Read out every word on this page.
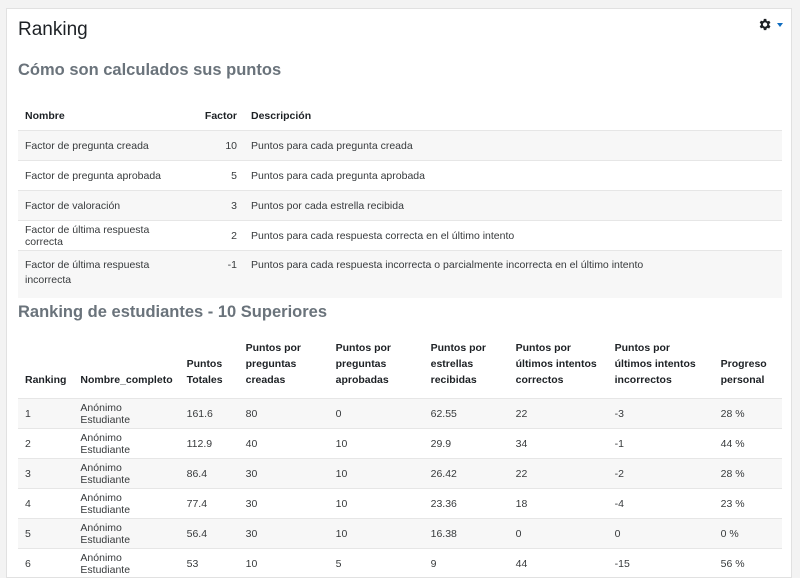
Ranking
Cómo son calculados sus puntos
Nombre	Factor	Descripción
Factor de pregunta creada	10	Puntos para cada pregunta creada
Factor de pregunta aprobada	5	Puntos para cada pregunta aprobada
Factor de valoración	3	Puntos por cada estrella recibida
Factor de última respuesta correcta	2	Puntos para cada respuesta correcta en el último intento
Factor de última respuesta incorrecta	-1	Puntos para cada respuesta incorrecta o parcialmente incorrecta en el último intento
Ranking de estudiantes - 10 Superiores
Ranking	Nombre_completo	Puntos Totales	Puntos por preguntas creadas	Puntos por preguntas aprobadas	Puntos por estrellas recibidas	Puntos por últimos intentos correctos	Puntos por últimos intentos incorrectos	Progreso personal
1	Anónimo Estudiante	161.6	80	0	62.55	22	-3	28 %
2	Anónimo Estudiante	112.9	40	10	29.9	34	-1	44 %
3	Anónimo Estudiante	86.4	30	10	26.42	22	-2	28 %
4	Anónimo Estudiante	77.4	30	10	23.36	18	-4	23 %
5	Anónimo Estudiante	56.4	30	10	16.38	0	0	0 %
6	Anónimo Estudiante	53	10	5	9	44	-15	56 %
